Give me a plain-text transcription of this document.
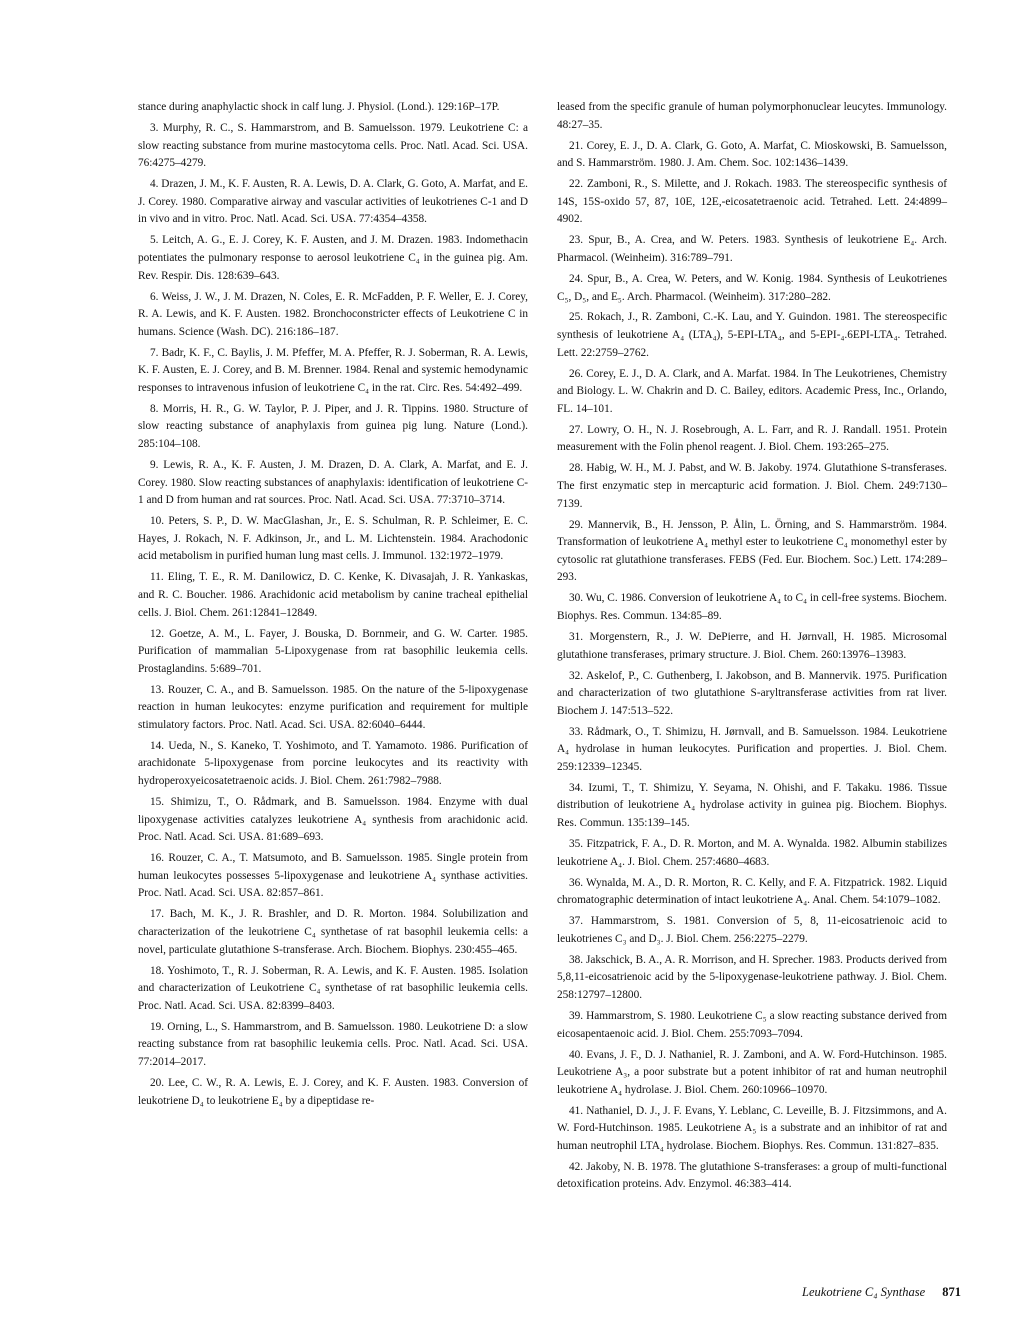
stance during anaphylactic shock in calf lung. J. Physiol. (Lond.). 129:16P–17P.

3. Murphy, R. C., S. Hammarstrom, and B. Samuelsson. 1979. Leukotriene C: a slow reacting substance from murine mastocytoma cells. Proc. Natl. Acad. Sci. USA. 76:4275–4279.

4. Drazen, J. M., K. F. Austen, R. A. Lewis, D. A. Clark, G. Goto, A. Marfat, and E. J. Corey. 1980. Comparative airway and vascular activities of leukotrienes C-1 and D in vivo and in vitro. Proc. Natl. Acad. Sci. USA. 77:4354–4358.

5. Leitch, A. G., E. J. Corey, K. F. Austen, and J. M. Drazen. 1983. Indomethacin potentiates the pulmonary response to aerosol leukotriene C₄ in the guinea pig. Am. Rev. Respir. Dis. 128:639–643.

6. Weiss, J. W., J. M. Drazen, N. Coles, E. R. McFadden, P. F. Weller, E. J. Corey, R. A. Lewis, and K. F. Austen. 1982. Bronchoconstricter effects of Leukotriene C in humans. Science (Wash. DC). 216:186–187.

7. Badr, K. F., C. Baylis, J. M. Pfeffer, M. A. Pfeffer, R. J. Soberman, R. A. Lewis, K. F. Austen, E. J. Corey, and B. M. Brenner. 1984. Renal and systemic hemodynamic responses to intravenous infusion of leukotriene C₄ in the rat. Circ. Res. 54:492–499.

8. Morris, H. R., G. W. Taylor, P. J. Piper, and J. R. Tippins. 1980. Structure of slow reacting substance of anaphylaxis from guinea pig lung. Nature (Lond.). 285:104–108.

9. Lewis, R. A., K. F. Austen, J. M. Drazen, D. A. Clark, A. Marfat, and E. J. Corey. 1980. Slow reacting substances of anaphylaxis: identification of leukotriene C-1 and D from human and rat sources. Proc. Natl. Acad. Sci. USA. 77:3710–3714.

10. Peters, S. P., D. W. MacGlashan, Jr., E. S. Schulman, R. P. Schleimer, E. C. Hayes, J. Rokach, N. F. Adkinson, Jr., and L. M. Lichtenstein. 1984. Arachodonic acid metabolism in purified human lung mast cells. J. Immunol. 132:1972–1979.

11. Eling, T. E., R. M. Danilowicz, D. C. Kenke, K. Divasajah, J. R. Yankaskas, and R. C. Boucher. 1986. Arachidonic acid metabolism by canine tracheal epithelial cells. J. Biol. Chem. 261:12841–12849.

12. Goetze, A. M., L. Fayer, J. Bouska, D. Bornmeir, and G. W. Carter. 1985. Purification of mammalian 5-Lipoxygenase from rat basophilic leukemia cells. Prostaglandins. 5:689–701.

13. Rouzer, C. A., and B. Samuelsson. 1985. On the nature of the 5-lipoxygenase reaction in human leukocytes: enzyme purification and requirement for multiple stimulatory factors. Proc. Natl. Acad. Sci. USA. 82:6040–6444.

14. Ueda, N., S. Kaneko, T. Yoshimoto, and T. Yamamoto. 1986. Purification of arachidonate 5-lipoxygenase from porcine leukocytes and its reactivity with hydroperoxyeicosatetraenoic acids. J. Biol. Chem. 261:7982–7988.

15. Shimizu, T., O. Rådmark, and B. Samuelsson. 1984. Enzyme with dual lipoxygenase activities catalyzes leukotriene A₄ synthesis from arachidonic acid. Proc. Natl. Acad. Sci. USA. 81:689–693.

16. Rouzer, C. A., T. Matsumoto, and B. Samuelsson. 1985. Single protein from human leukocytes possesses 5-lipoxygenase and leukotriene A₄ synthase activities. Proc. Natl. Acad. Sci. USA. 82:857–861.

17. Bach, M. K., J. R. Brashler, and D. R. Morton. 1984. Solubilization and characterization of the leukotriene C₄ synthetase of rat basophil leukemia cells: a novel, particulate glutathione S-transferase. Arch. Biochem. Biophys. 230:455–465.

18. Yoshimoto, T., R. J. Soberman, R. A. Lewis, and K. F. Austen. 1985. Isolation and characterization of Leukotriene C₄ synthetase of rat basophilic leukemia cells. Proc. Natl. Acad. Sci. USA. 82:8399–8403.

19. Orning, L., S. Hammarstrom, and B. Samuelsson. 1980. Leukotriene D: a slow reacting substance from rat basophilic leukemia cells. Proc. Natl. Acad. Sci. USA. 77:2014–2017.

20. Lee, C. W., R. A. Lewis, E. J. Corey, and K. F. Austen. 1983. Conversion of leukotriene D₄ to leukotriene E₄ by a dipeptidase re-

leased from the specific granule of human polymorphonuclear leucytes. Immunology. 48:27–35.

21. Corey, E. J., D. A. Clark, G. Goto, A. Marfat, C. Mioskowski, B. Samuelsson, and S. Hammarström. 1980. J. Am. Chem. Soc. 102:1436–1439.

22. Zamboni, R., S. Milette, and J. Rokach. 1983. The stereospecific synthesis of 14S, 15S-oxido 57, 87, 10E, 12E,-eicosatetraenoic acid. Tetrahed. Lett. 24:4899–4902.

23. Spur, B., A. Crea, and W. Peters. 1983. Synthesis of leukotriene E₄. Arch. Pharmacol. (Weinheim). 316:789–791.

24. Spur, B., A. Crea, W. Peters, and W. Konig. 1984. Synthesis of Leukotrienes C₅, D₅, and E₅. Arch. Pharmacol. (Weinheim). 317:280–282.

25. Rokach, J., R. Zamboni, C.-K. Lau, and Y. Guindon. 1981. The stereospecific synthesis of leukotriene A₄ (LTA₄), 5-EPI-LTA₄, and 5-EPI-₄.6EPI-LTA₄. Tetrahed. Lett. 22:2759–2762.

26. Corey, E. J., D. A. Clark, and A. Marfat. 1984. In The Leukotrienes, Chemistry and Biology. L. W. Chakrin and D. C. Bailey, editors. Academic Press, Inc., Orlando, FL. 14–101.

27. Lowry, O. H., N. J. Rosebrough, A. L. Farr, and R. J. Randall. 1951. Protein measurement with the Folin phenol reagent. J. Biol. Chem. 193:265–275.

28. Habig, W. H., M. J. Pabst, and W. B. Jakoby. 1974. Glutathione S-transferases. The first enzymatic step in mercapturic acid formation. J. Biol. Chem. 249:7130–7139.

29. Mannervik, B., H. Jensson, P. Ålin, L. Örning, and S. Hammarström. 1984. Transformation of leukotriene A₄ methyl ester to leukotriene C₄ monomethyl ester by cytosolic rat glutathione transferases. FEBS (Fed. Eur. Biochem. Soc.) Lett. 174:289–293.

30. Wu, C. 1986. Conversion of leukotriene A₄ to C₄ in cell-free systems. Biochem. Biophys. Res. Commun. 134:85–89.

31. Morgenstern, R., J. W. DePierre, and H. Jørnvall, H. 1985. Microsomal glutathione transferases, primary structure. J. Biol. Chem. 260:13976–13983.

32. Askelof, P., C. Guthenberg, I. Jakobson, and B. Mannervik. 1975. Purification and characterization of two glutathione S-aryltransferase activities from rat liver. Biochem J. 147:513–522.

33. Rådmark, O., T. Shimizu, H. Jørnvall, and B. Samuelsson. 1984. Leukotriene A₄ hydrolase in human leukocytes. Purification and properties. J. Biol. Chem. 259:12339–12345.

34. Izumi, T., T. Shimizu, Y. Seyama, N. Ohishi, and F. Takaku. 1986. Tissue distribution of leukotriene A₄ hydrolase activity in guinea pig. Biochem. Biophys. Res. Commun. 135:139–145.

35. Fitzpatrick, F. A., D. R. Morton, and M. A. Wynalda. 1982. Albumin stabilizes leukotriene A₄. J. Biol. Chem. 257:4680–4683.

36. Wynalda, M. A., D. R. Morton, R. C. Kelly, and F. A. Fitzpatrick. 1982. Liquid chromatographic determination of intact leukotriene A₄. Anal. Chem. 54:1079–1082.

37. Hammarstrom, S. 1981. Conversion of 5, 8, 11-eicosatrienoic acid to leukotrienes C₃ and D₃. J. Biol. Chem. 256:2275–2279.

38. Jakschick, B. A., A. R. Morrison, and H. Sprecher. 1983. Products derived from 5,8,11-eicosatrienoic acid by the 5-lipoxygenase-leukotriene pathway. J. Biol. Chem. 258:12797–12800.

39. Hammarstrom, S. 1980. Leukotriene C₅ a slow reacting substance derived from eicosapentaenoic acid. J. Biol. Chem. 255:7093–7094.

40. Evans, J. F., D. J. Nathaniel, R. J. Zamboni, and A. W. Ford-Hutchinson. 1985. Leukotriene A₃, a poor substrate but a potent inhibitor of rat and human neutrophil leukotriene A₄ hydrolase. J. Biol. Chem. 260:10966–10970.

41. Nathaniel, D. J., J. F. Evans, Y. Leblanc, C. Leveille, B. J. Fitzsimmons, and A. W. Ford-Hutchinson. 1985. Leukotriene A₅ is a substrate and an inhibitor of rat and human neutrophil LTA₄ hydrolase. Biochem. Biophys. Res. Commun. 131:827–835.

42. Jakoby, N. B. 1978. The glutathione S-transferases: a group of multi-functional detoxification proteins. Adv. Enzymol. 46:383–414.

Leukotriene C₄ Synthase 871
